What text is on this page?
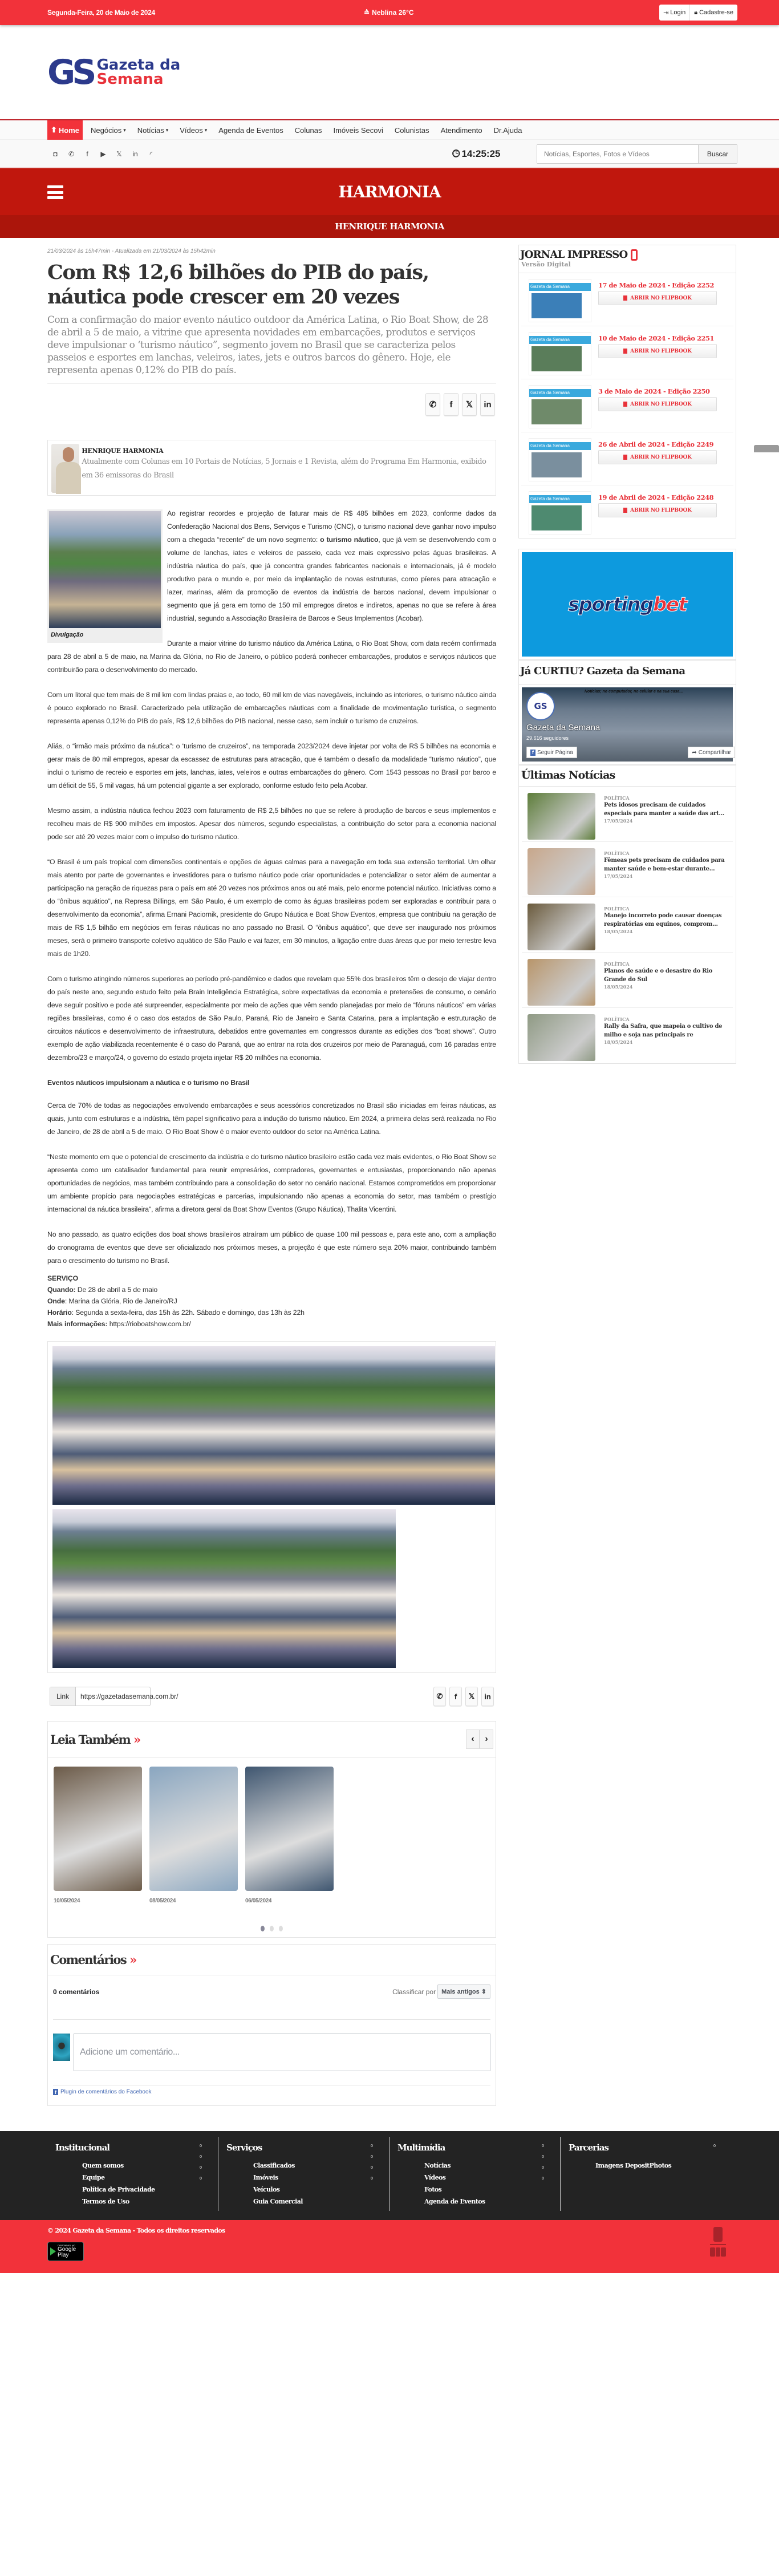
Segunda-Feira, 20 de Maio de 2024	≙ Neblina 26°C	⇥ Login 🔒︎ Cadastre-se
GS Gazeta da
Semana
⬆ Home Negócios ▾ Notícias ▾ Vídeos ▾ Agenda de Eventos Colunas Imóveis Secovi Colunistas Atendimento Dr.Ajuda
◘	✆	f	▶	𝕏	in	◜	🕒︎ 14:25:25
Notícias, Esportes, Fotos e Vídeos	Buscar
HARMONIA
HENRIQUE HARMONIA
21/03/2024 às 15h47min - Atualizada em 21/03/2024 às 15h42min
Com R$ 12,6 bilhões do PIB do país, náutica pode crescer em 20 vezes

Com a confirmação do maior evento náutico outdoor da América Latina, o Rio Boat Show, de 28 de abril a 5 de maio, a vitrine que apresenta novidades em embarcações, produtos e serviços deve impulsionar o ‘turismo náutico”, segmento jovem no Brasil que se caracteriza pelos passeios e esportes em lanchas, veleiros, iates, jets e outros barcos do gênero. Hoje, ele representa apenas 0,12% do PIB do país.

✆	f	𝕏	in
HENRIQUE HARMONIA
Atualmente com Colunas em 10 Portais de Notícias, 5 Jornais e 1 Revista, além do Programa Em Harmonia, exibido em 36 emissoras do Brasil
Divulgação

Ao registrar recordes e projeção de faturar mais de R$ 485 bilhões em 2023, conforme dados da Confederação Nacional dos Bens, Serviços e Turismo (CNC), o turismo nacional deve ganhar novo impulso com a chegada “recente” de um novo segmento: o turismo náutico, que já vem se desenvolvendo com o volume de lanchas, iates e veleiros de passeio, cada vez mais expressivo pelas águas brasileiras. A indústria náutica do país, que já concentra grandes fabricantes nacionais e internacionais, já é modelo produtivo para o mundo e, por meio da implantação de novas estruturas, como píeres para atracação e lazer, marinas, além da promoção de eventos da indústria de barcos nacional, devem impulsionar o segmento que já gera em torno de 150 mil empregos diretos e indiretos, apenas no que se refere à área industrial, segundo a Associação Brasileira de Barcos e Seus Implementos (Acobar).

Durante a maior vitrine do turismo náutico da América Latina, o Rio Boat Show, com data recém confirmada para 28 de abril a 5 de maio, na Marina da Glória, no Rio de Janeiro, o público poderá conhecer embarcações, produtos e serviços náuticos que contribuirão para o desenvolvimento do mercado.

Com um litoral que tem mais de 8 mil km com lindas praias e, ao todo, 60 mil km de vias navegáveis, incluindo as interiores, o turismo náutico ainda é pouco explorado no Brasil. Caracterizado pela utilização de embarcações náuticas com a finalidade de movimentação turística, o segmento representa apenas 0,12% do PIB do país, R$ 12,6 bilhões do PIB nacional, nesse caso, sem incluir o turismo de cruzeiros.

Aliás, o “irmão mais próximo da náutica”: o ‘turismo de cruzeiros”, na temporada 2023/2024 deve injetar por volta de R$ 5 bilhões na economia e gerar mais de 80 mil empregos, apesar da escassez de estruturas para atracação, que é também o desafio da modalidade “turismo náutico”, que inclui o turismo de recreio e esportes em jets, lanchas, iates, veleiros e outras embarcações do gênero. Com 1543 pessoas no Brasil por barco e um déficit de 55, 5 mil vagas, há um potencial gigante a ser explorado, conforme estudo feito pela Acobar.

Mesmo assim, a indústria náutica fechou 2023 com faturamento de R$ 2,5 bilhões no que se refere à produção de barcos e seus implementos e recolheu mais de R$ 900 milhões em impostos. Apesar dos números, segundo especialistas, a contribuição do setor para a economia nacional pode ser até 20 vezes maior com o impulso do turismo náutico.

“O Brasil é um país tropical com dimensões continentais e opções de águas calmas para a navegação em toda sua extensão territorial. Um olhar mais atento por parte de governantes e investidores para o turismo náutico pode criar oportunidades e potencializar o setor além de aumentar a participação na geração de riquezas para o país em até 20 vezes nos próximos anos ou até mais, pelo enorme potencial náutico. Iniciativas como a do “ônibus aquático”, na Represa Billings, em São Paulo, é um exemplo de como às águas brasileiras podem ser exploradas e contribuir para o desenvolvimento da economia”, afirma Ernani Paciornik, presidente do Grupo Náutica e Boat Show Eventos, empresa que contribuiu na geração de mais de R$ 1,5 bilhão em negócios em feiras náuticas no ano passado no Brasil. O “ônibus aquático”, que deve ser inaugurado nos próximos meses, será o primeiro transporte coletivo aquático de São Paulo e vai fazer, em 30 minutos, a ligação entre duas áreas que por meio terrestre leva mais de 1h20.

Com o turismo atingindo números superiores ao período pré-pandêmico e dados que revelam que 55% dos brasileiros têm o desejo de viajar dentro do país neste ano, segundo estudo feito pela Brain Inteligência Estratégica, sobre expectativas da economia e pretensões de consumo, o cenário deve seguir positivo e pode até surpreender, especialmente por meio de ações que vêm sendo planejadas por meio de “fóruns náuticos” em várias regiões brasileiras, como é o caso dos estados de São Paulo, Paraná, Rio de Janeiro e Santa Catarina, para a implantação e estruturação de circuitos náuticos e desenvolvimento de infraestrutura, debatidos entre governantes em congressos durante as edições dos “boat shows”. Outro exemplo de ação viabilizada recentemente é o caso do Paraná, que ao entrar na rota dos cruzeiros por meio de Paranaguá, com 16 paradas entre dezembro/23 e março/24, o governo do estado projeta injetar R$ 20 milhões na economia.

Eventos náuticos impulsionam a náutica e o turismo no Brasil

Cerca de 70% de todas as negociações envolvendo embarcações e seus acessórios concretizados no Brasil são iniciadas em feiras náuticas, as quais, junto com estruturas e a indústria, têm papel significativo para a indução do turismo náutico. Em 2024, a primeira delas será realizada no Rio de Janeiro, de 28 de abril a 5 de maio. O Rio Boat Show é o maior evento outdoor do setor na América Latina.

“Neste momento em que o potencial de crescimento da indústria e do turismo náutico brasileiro estão cada vez mais evidentes, o Rio Boat Show se apresenta como um catalisador fundamental para reunir empresários, compradores, governantes e entusiastas, proporcionando não apenas oportunidades de negócios, mas também contribuindo para a consolidação do setor no cenário nacional. Estamos comprometidos em proporcionar um ambiente propício para negociações estratégicas e parcerias, impulsionando não apenas a economia do setor, mas também o prestígio internacional da náutica brasileira", afirma a diretora geral da Boat Show Eventos (Grupo Náutica), Thalita Vicentini.

No ano passado, as quatro edições dos boat shows brasileiros atraíram um público de quase 100 mil pessoas e, para este ano, com a ampliação do cronograma de eventos que deve ser oficializado nos próximos meses, a projeção é que este número seja 20% maior, contribuindo também para o crescimento do turismo no Brasil.

SERVIÇO
Quando: De 28 de abril a 5 de maio
Onde: Marina da Glória, Rio de Janeiro/RJ
Horário: Segunda a sexta-feira, das 15h às 22h. Sábado e domingo, das 13h às 22h
Mais informações: https://rioboatshow.com.br/
Link	https://gazetadasemana.com.br/	✆	f	𝕏	in
Leia Também »	‹	›
10/05/2024	08/05/2024	06/05/2024
Comentários »
0 comentários	Classificar por Mais antigos ⇕
Adicione um comentário...
f Plugin de comentários do Facebook
JORNAL IMPRESSO
Versão Digital
Gazeta da Semana	17 de Maio de 2024 - Edição 2252
ABRIR NO FLIPBOOK
Gazeta da Semana	10 de Maio de 2024 - Edição 2251
ABRIR NO FLIPBOOK
Gazeta da Semana	3 de Maio de 2024 - Edição 2250
ABRIR NO FLIPBOOK
Gazeta da Semana	26 de Abril de 2024 - Edição 2249
ABRIR NO FLIPBOOK
Gazeta da Semana	19 de Abril de 2024 - Edição 2248
ABRIR NO FLIPBOOK
sporting bet
Já CURTIU? Gazeta da Semana
Notícias; no computador, no celular e na sua casa...
GS
Gazeta da Semana
29.616 seguidores
f Seguir Página	➦ Compartilhar
Últimas Notícias
POLÍTICA
Pets idosos precisam de cuidados especiais para manter a saúde das art...
17/05/2024
POLÍTICA
Fêmeas pets precisam de cuidados para manter saúde e bem-estar durante...
17/05/2024
POLÍTICA
Manejo incorreto pode causar doenças respiratórias em equinos, comprom...
18/05/2024
POLÍTICA
Planos de saúde e o desastre do Rio Grande do Sul
18/05/2024
POLÍTICA
Rally da Safra, que mapeia o cultivo de milho e soja nas principais re
18/05/2024
Institucional
Quem somos
Equipe
Política de Privacidade
Termos de Uso
Serviços
Classificados
Imóveis
Veículos
Guia Comercial
Multimídia
Notícias
Vídeos
Fotos
Agenda de Eventos
Parcerias
Imagens DepositPhotos
© 2024 Gazeta da Semana - Todos os direitos reservados
DISPONÍVEL NO
Google Play
